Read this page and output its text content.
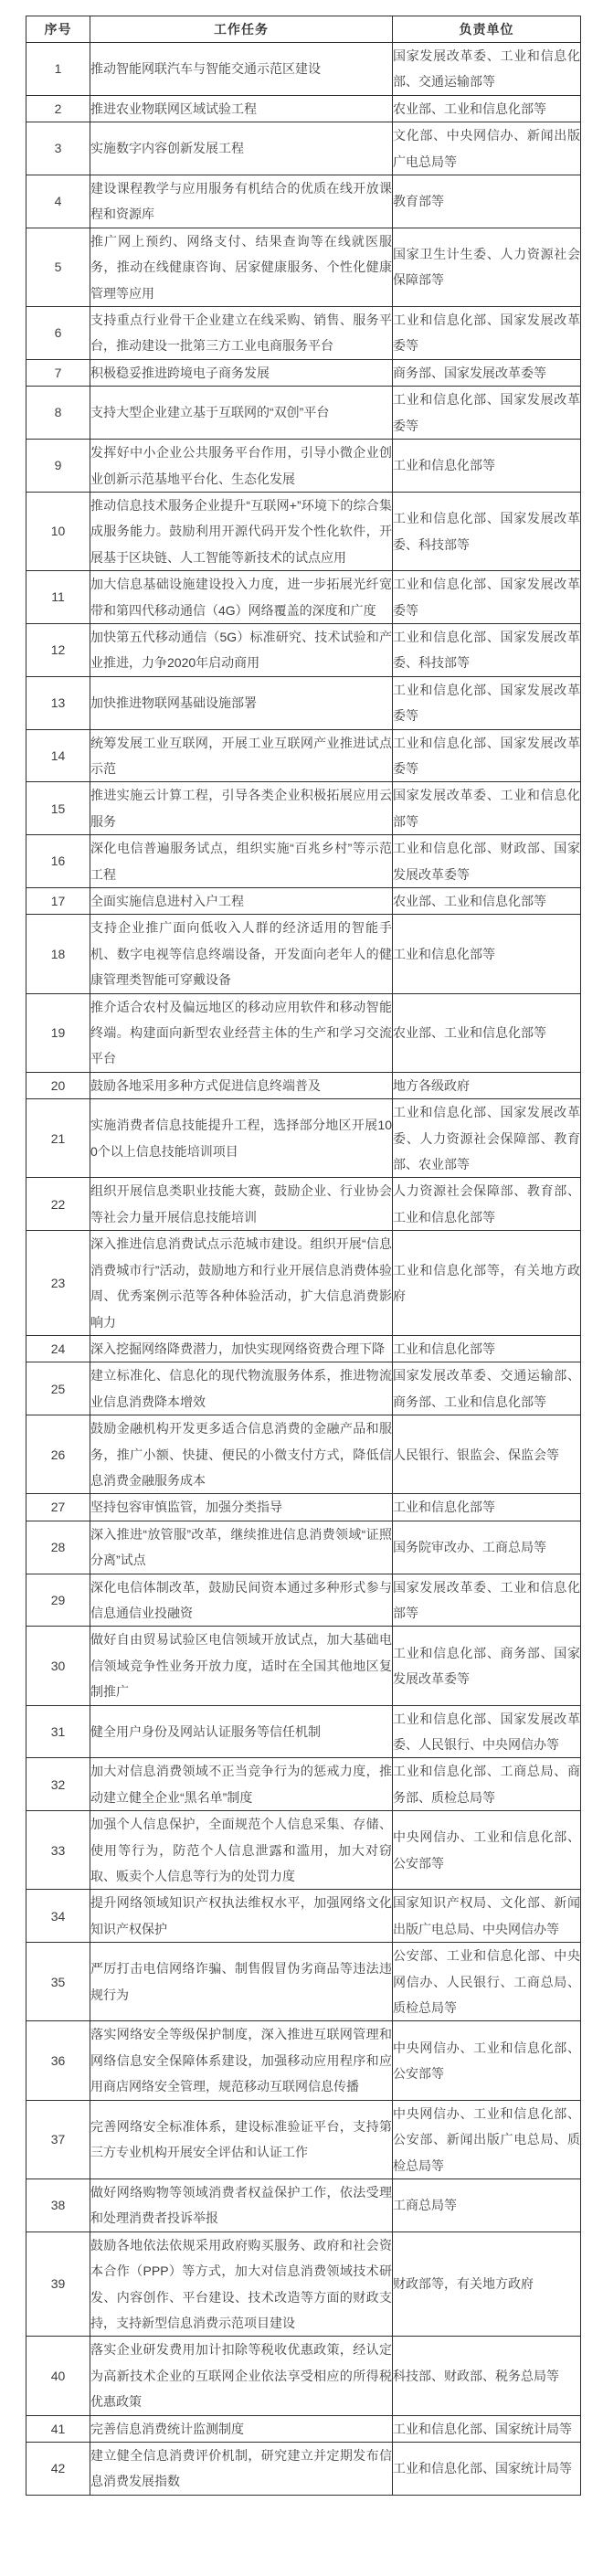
序号	工作任务	负责单位
1	推动智能网联汽车与智能交通示范区建设	国家发展改革委、工业和信息化部、交通运输部等
2	推进农业物联网区域试验工程	农业部、工业和信息化部等
3	实施数字内容创新发展工程	文化部、中央网信办、新闻出版广电总局等
4	建设课程教学与应用服务有机结合的优质在线开放课程和资源库	教育部等
5	推广网上预约、网络支付、结果查询等在线就医服务，推动在线健康咨询、居家健康服务、个性化健康管理等应用	国家卫生计生委、人力资源社会保障部等
6	支持重点行业骨干企业建立在线采购、销售、服务平台，推动建设一批第三方工业电商服务平台	工业和信息化部、国家发展改革委等
7	积极稳妥推进跨境电子商务发展	商务部、国家发展改革委等
8	支持大型企业建立基于互联网的“双创”平台	工业和信息化部、国家发展改革委等
9	发挥好中小企业公共服务平台作用，引导小微企业创业创新示范基地平台化、生态化发展	工业和信息化部等
10	推动信息技术服务企业提升“互联网+”环境下的综合集成服务能力。鼓励利用开源代码开发个性化软件，开展基于区块链、人工智能等新技术的试点应用	工业和信息化部、国家发展改革委、科技部等
11	加大信息基础设施建设投入力度，进一步拓展光纤宽带和第四代移动通信（4G）网络覆盖的深度和广度	工业和信息化部、国家发展改革委等
12	加快第五代移动通信（5G）标准研究、技术试验和产业推进，力争2020年启动商用	工业和信息化部、国家发展改革委、科技部等
13	加快推进物联网基础设施部署	工业和信息化部、国家发展改革委等
14	统筹发展工业互联网，开展工业互联网产业推进试点示范	工业和信息化部、国家发展改革委等
15	推进实施云计算工程，引导各类企业积极拓展应用云服务	国家发展改革委、工业和信息化部等
16	深化电信普遍服务试点，组织实施“百兆乡村”等示范工程	工业和信息化部、财政部、国家发展改革委等
17	全面实施信息进村入户工程	农业部、工业和信息化部等
18	支持企业推广面向低收入人群的经济适用的智能手机、数字电视等信息终端设备，开发面向老年人的健康管理类智能可穿戴设备	工业和信息化部等
19	推介适合农村及偏远地区的移动应用软件和移动智能终端。构建面向新型农业经营主体的生产和学习交流平台	农业部、工业和信息化部等
20	鼓励各地采用多种方式促进信息终端普及	地方各级政府
21	实施消费者信息技能提升工程，选择部分地区开展100个以上信息技能培训项目	工业和信息化部、国家发展改革委、人力资源社会保障部、教育部、农业部等
22	组织开展信息类职业技能大赛，鼓励企业、行业协会等社会力量开展信息技能培训	人力资源社会保障部、教育部、工业和信息化部等
23	深入推进信息消费试点示范城市建设。组织开展“信息消费城市行”活动，鼓励地方和行业开展信息消费体验周、优秀案例示范等各种体验活动，扩大信息消费影响力	工业和信息化部等，有关地方政府
24	深入挖掘网络降费潜力，加快实现网络资费合理下降	工业和信息化部等
25	建立标准化、信息化的现代物流服务体系，推进物流业信息消费降本增效	国家发展改革委、交通运输部、商务部、工业和信息化部等
26	鼓励金融机构开发更多适合信息消费的金融产品和服务，推广小额、快捷、便民的小微支付方式，降低信息消费金融服务成本	人民银行、银监会、保监会等
27	坚持包容审慎监管，加强分类指导	工业和信息化部等
28	深入推进“放管服”改革，继续推进信息消费领域“证照分离”试点	国务院审改办、工商总局等
29	深化电信体制改革，鼓励民间资本通过多种形式参与信息通信业投融资	国家发展改革委、工业和信息化部等
30	做好自由贸易试验区电信领域开放试点，加大基础电信领域竞争性业务开放力度，适时在全国其他地区复制推广	工业和信息化部、商务部、国家发展改革委等
31	健全用户身份及网站认证服务等信任机制	工业和信息化部、国家发展改革委、人民银行、中央网信办等
32	加大对信息消费领域不正当竞争行为的惩戒力度，推动建立健全企业“黑名单”制度	工业和信息化部、工商总局、商务部、质检总局等
33	加强个人信息保护，全面规范个人信息采集、存储、使用等行为，防范个人信息泄露和滥用，加大对窃取、贩卖个人信息等行为的处罚力度	中央网信办、工业和信息化部、公安部等
34	提升网络领域知识产权执法维权水平，加强网络文化知识产权保护	国家知识产权局、文化部、新闻出版广电总局、中央网信办等
35	严厉打击电信网络诈骗、制售假冒伪劣商品等违法违规行为	公安部、工业和信息化部、中央网信办、人民银行、工商总局、质检总局等
36	落实网络安全等级保护制度，深入推进互联网管理和网络信息安全保障体系建设，加强移动应用程序和应用商店网络安全管理，规范移动互联网信息传播	中央网信办、工业和信息化部、公安部等
37	完善网络安全标准体系，建设标准验证平台，支持第三方专业机构开展安全评估和认证工作	中央网信办、工业和信息化部、公安部、新闻出版广电总局、质检总局等
38	做好网络购物等领域消费者权益保护工作，依法受理和处理消费者投诉举报	工商总局等
39	鼓励各地依法依规采用政府购买服务、政府和社会资本合作（PPP）等方式，加大对信息消费领域技术研发、内容创作、平台建设、技术改造等方面的财政支持，支持新型信息消费示范项目建设	财政部等，有关地方政府
40	落实企业研发费用加计扣除等税收优惠政策，经认定为高新技术企业的互联网企业依法享受相应的所得税优惠政策	科技部、财政部、税务总局等
41	完善信息消费统计监测制度	工业和信息化部、国家统计局等
42	建立健全信息消费评价机制，研究建立并定期发布信息消费发展指数	工业和信息化部、国家统计局等
